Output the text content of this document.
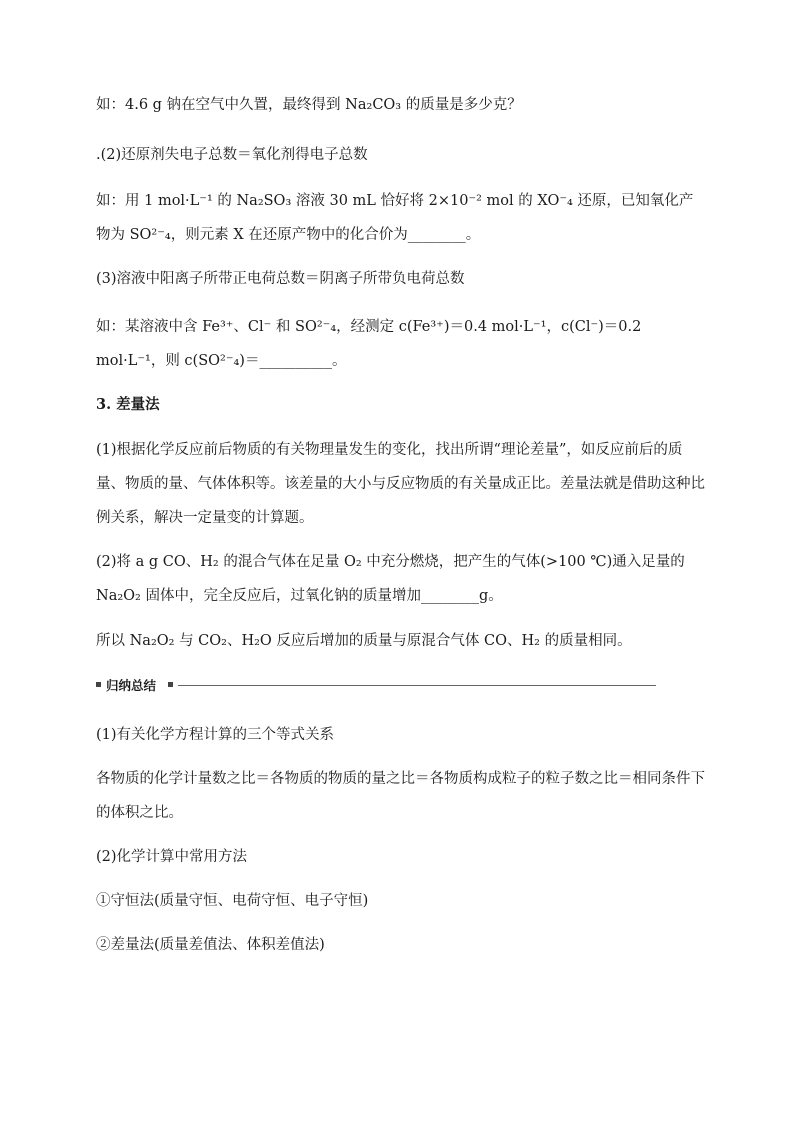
如：4.6 g 钠在空气中久置，最终得到 Na₂CO₃ 的质量是多少克？

.(2)还原剂失电子总数＝氧化剂得电子总数

如：用 1 mol·L⁻¹ 的 Na₂SO₃ 溶液 30 mL 恰好将 2×10⁻² mol 的 XO⁻₄ 还原，已知氧化产物为 SO²⁻₄，则元素 X 在还原产物中的化合价为________。

(3)溶液中阳离子所带正电荷总数＝阴离子所带负电荷总数

如：某溶液中含 Fe³⁺、Cl⁻ 和 SO²⁻₄，经测定 c(Fe³⁺)＝0.4 mol·L⁻¹，c(Cl⁻)＝0.2 mol·L⁻¹，则 c(SO²⁻₄)＝__________。

3. 差量法

(1)根据化学反应前后物质的有关物理量发生的变化，找出所谓“理论差量”，如反应前后的质量、物质的量、气体体积等。该差量的大小与反应物质的有关量成正比。差量法就是借助这种比例关系，解决一定量变的计算题。

(2)将 a g CO、H₂ 的混合气体在足量 O₂ 中充分燃烧，把产生的气体(>100 ℃)通入足量的 Na₂O₂ 固体中，完全反应后，过氧化钠的质量增加________g。

所以 Na₂O₂ 与 CO₂、H₂O 反应后增加的质量与原混合气体 CO、H₂ 的质量相同。

归纳总结

(1)有关化学方程计算的三个等式关系

各物质的化学计量数之比＝各物质的物质的量之比＝各物质构成粒子的粒子数之比＝相同条件下的体积之比。

(2)化学计算中常用方法

①守恒法(质量守恒、电荷守恒、电子守恒)

②差量法(质量差值法、体积差值法)
